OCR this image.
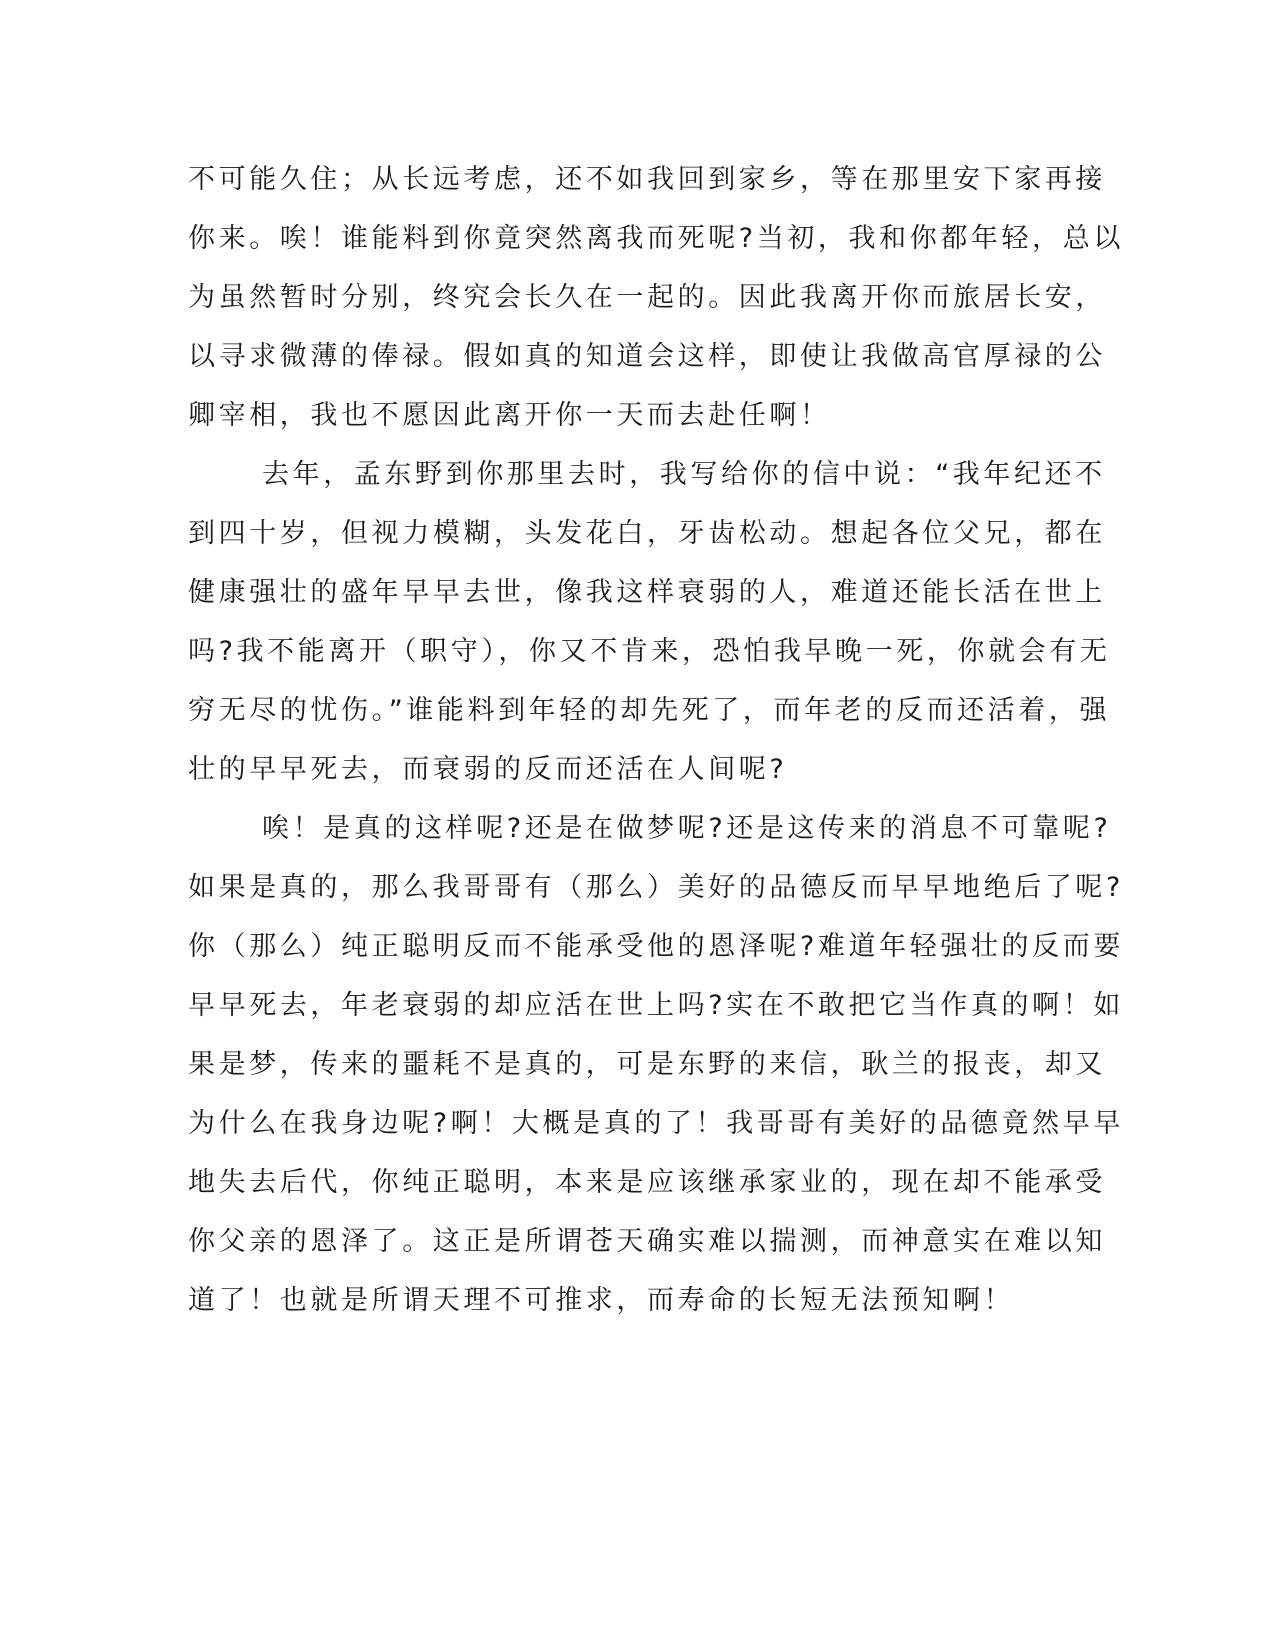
不可能久住；从长远考虑，还不如我回到家乡，等在那里安下家再接
你来。唉！谁能料到你竟突然离我而死呢?当初，我和你都年轻，总以
为虽然暂时分别，终究会长久在一起的。因此我离开你而旅居长安，
以寻求微薄的俸禄。假如真的知道会这样，即使让我做高官厚禄的公
卿宰相，我也不愿因此离开你一天而去赴任啊！
去年，孟东野到你那里去时，我写给你的信中说：“我年纪还不
到四十岁，但视力模糊，头发花白，牙齿松动。想起各位父兄，都在
健康强壮的盛年早早去世，像我这样衰弱的人，难道还能长活在世上
吗?我不能离开（职守），你又不肯来，恐怕我早晚一死，你就会有无
穷无尽的忧伤。”谁能料到年轻的却先死了，而年老的反而还活着，强
壮的早早死去，而衰弱的反而还活在人间呢?
唉！是真的这样呢?还是在做梦呢?还是这传来的消息不可靠呢?
如果是真的，那么我哥哥有（那么）美好的品德反而早早地绝后了呢?
你（那么）纯正聪明反而不能承受他的恩泽呢?难道年轻强壮的反而要
早早死去，年老衰弱的却应活在世上吗?实在不敢把它当作真的啊！如
果是梦，传来的噩耗不是真的，可是东野的来信，耿兰的报丧，却又
为什么在我身边呢?啊！大概是真的了！我哥哥有美好的品德竟然早早
地失去后代，你纯正聪明，本来是应该继承家业的，现在却不能承受
你父亲的恩泽了。这正是所谓苍天确实难以揣测，而神意实在难以知
道了！也就是所谓天理不可推求，而寿命的长短无法预知啊！
